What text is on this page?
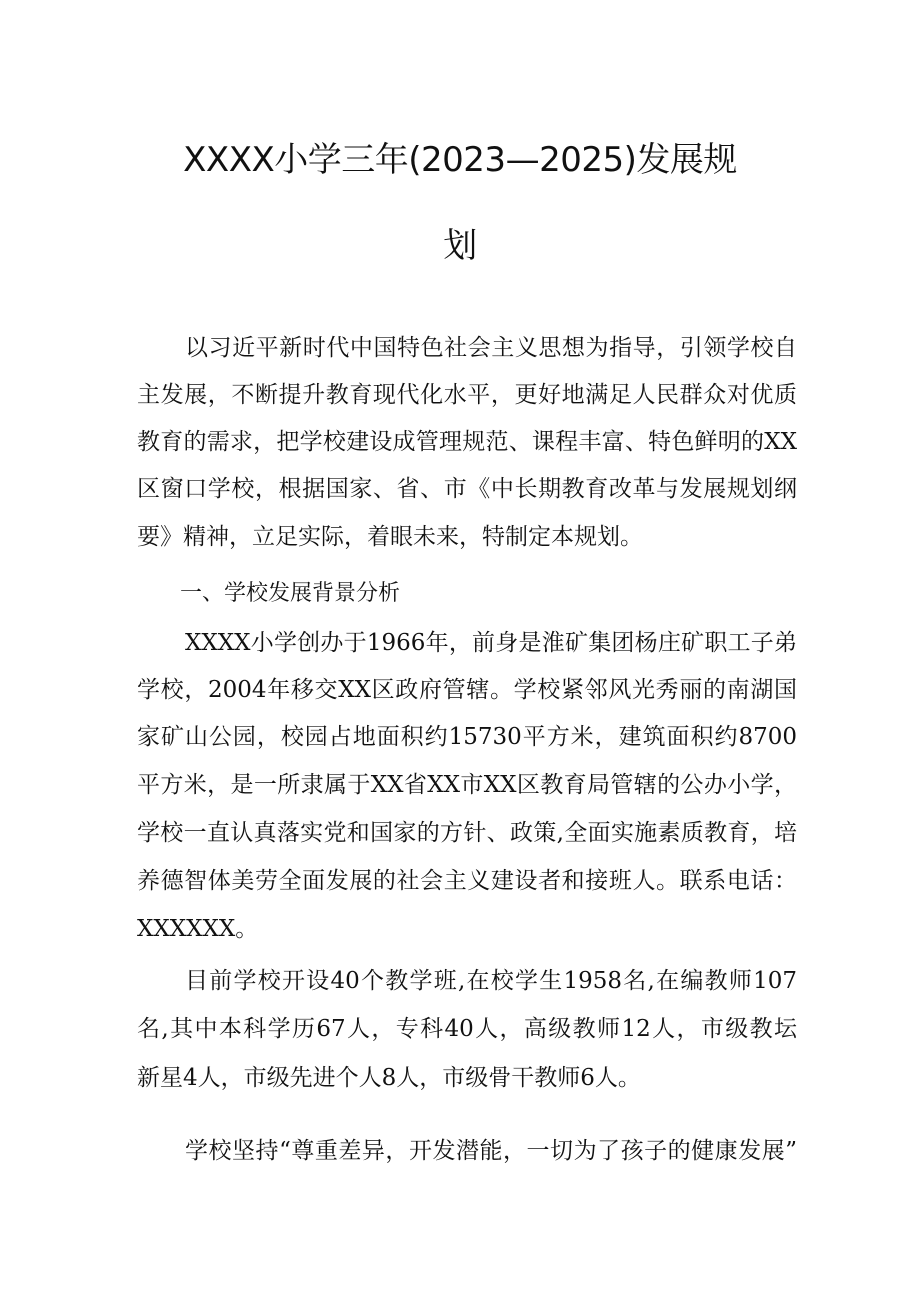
XXXX小学三年(2023—2025)发展规
划
以习近平新时代中国特色社会主义思想为指导，引领学校自
主发展，不断提升教育现代化水平，更好地满足人民群众对优质
教育的需求，把学校建设成管理规范、课程丰富、特色鲜明的XX
区窗口学校，根据国家、省、市《中长期教育改革与发展规划纲
要》精神，立足实际，着眼未来，特制定本规划。
一、学校发展背景分析
XXXX小学创办于1966年，前身是淮矿集团杨庄矿职工子弟
学校，2004年移交XX区政府管辖。学校紧邻风光秀丽的南湖国
家矿山公园，校园占地面积约15730平方米，建筑面积约8700
平方米，是一所隶属于XX省XX市XX区教育局管辖的公办小学，
学校一直认真落实党和国家的方针、政策,全面实施素质教育，培
养德智体美劳全面发展的社会主义建设者和接班人。联系电话：
XXXXXX。
目前学校开设40个教学班,在校学生1958名,在编教师107
名,其中本科学历67人，专科40人，高级教师12人，市级教坛
新星4人，市级先进个人8人，市级骨干教师6人。
学校坚持“尊重差异，开发潜能，一切为了孩子的健康发展”
